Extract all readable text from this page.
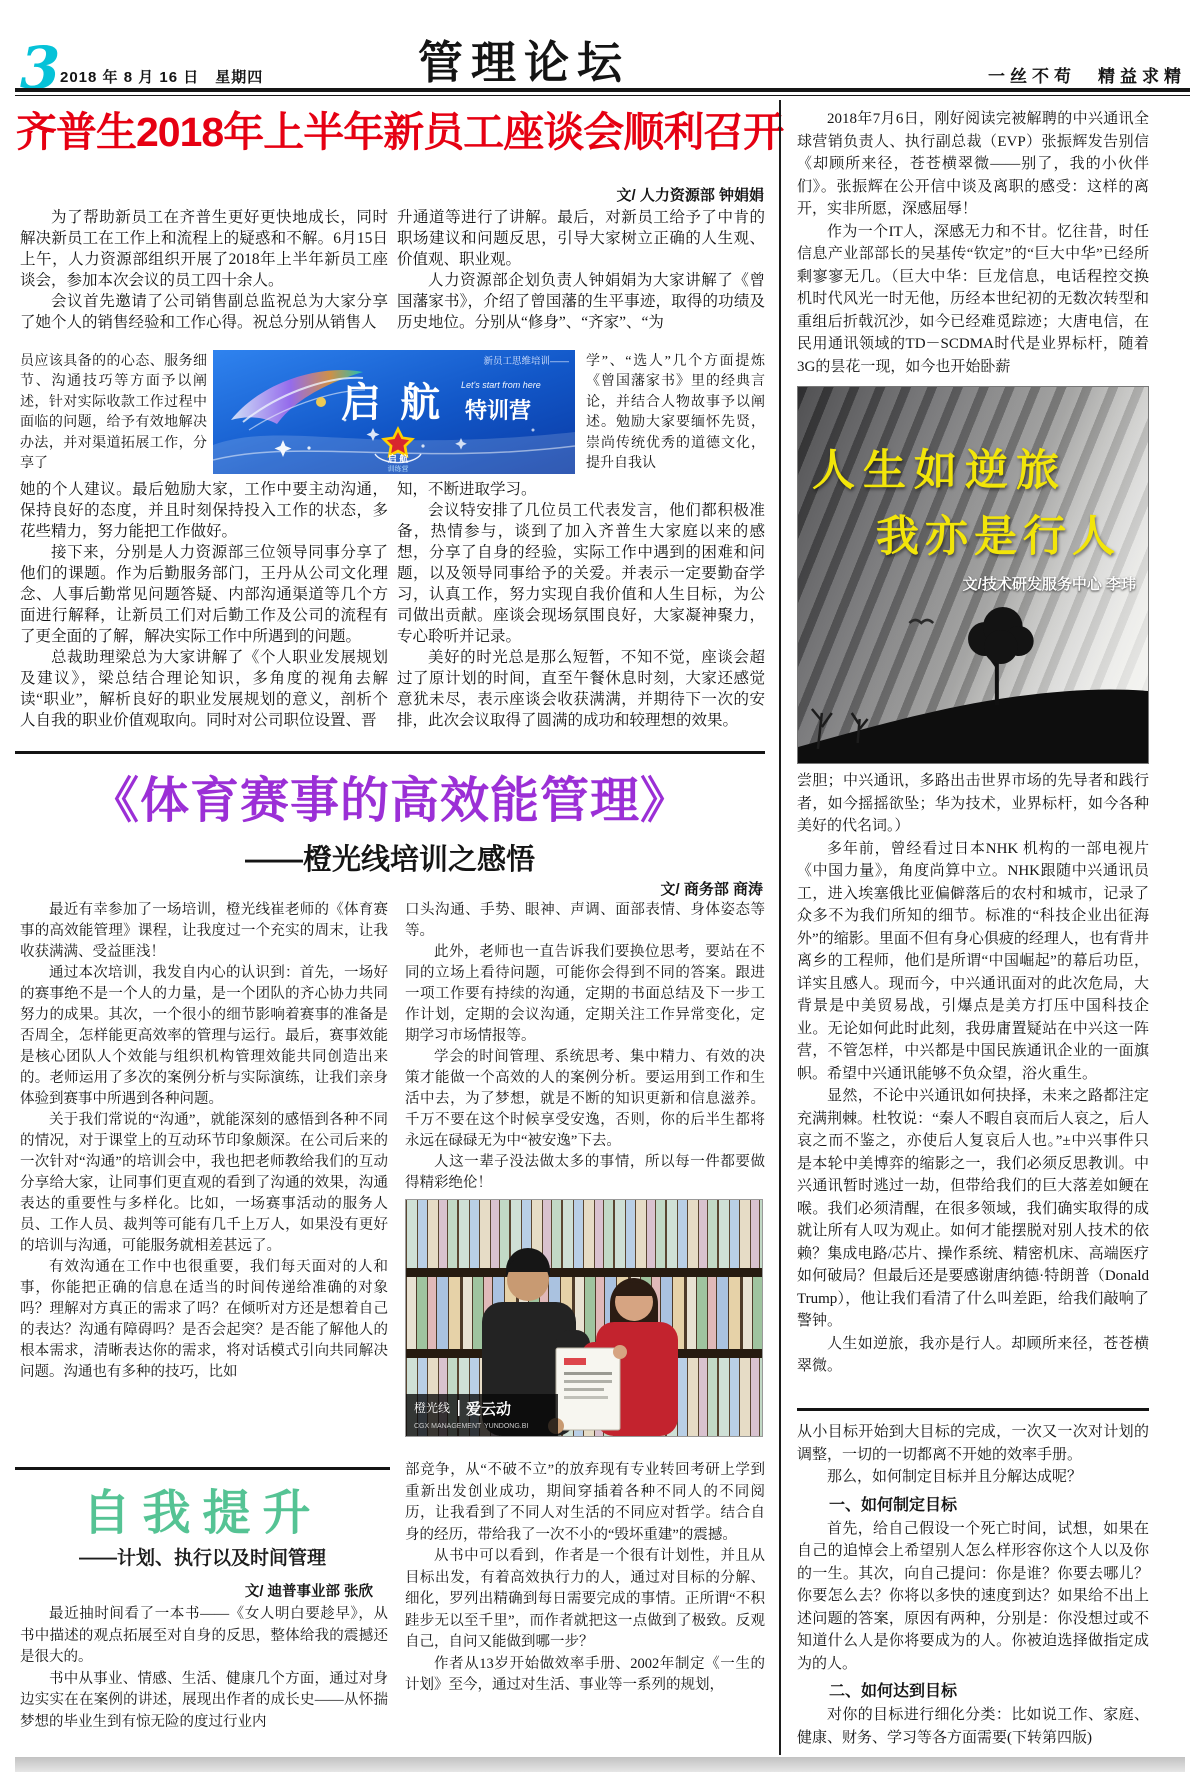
3 2018 年 8 月 16 日　星期四	管理论坛	一丝不苟　精益求精
齐普生2018年上半年新员工座谈会顺利召开
文/ 人力资源部 钟娟娟

为了帮助新员工在齐普生更好更快地成长，同时解决新员工在工作上和流程上的疑惑和不解。6月15日上午，人力资源部组织开展了2018年上半年新员工座谈会，参加本次会议的员工四十余人。

会议首先邀请了公司销售副总监祝总为大家分享了她个人的销售经验和工作心得。祝总分别从销售人

员应该具备的的心态、服务细节、沟通技巧等方面予以阐述，针对实际收款工作过程中面临的问题，给予有效地解决办法，并对渠道拓展工作，分享了

她的个人建议。最后勉励大家，工作中要主动沟通，保持良好的态度，并且时刻保持投入工作的状态，多花些精力，努力能把工作做好。

接下来，分别是人力资源部三位领导同事分享了他们的课题。作为后勤服务部门，王丹从公司文化理念、人事后勤常见问题答疑、内部沟通渠道等几个方面进行解释，让新员工们对后勤工作及公司的流程有了更全面的了解，解决实际工作中所遇到的问题。

总裁助理梁总为大家讲解了《个人职业发展规划及建议》，梁总结合理论知识，多角度的视角去解读“职业”，解析良好的职业发展规划的意义，剖析个人自我的职业价值观取向。同时对公司职位设置、晋

升通道等进行了讲解。最后，对新员工给予了中肯的职场建议和问题反思，引导大家树立正确的人生观、价值观、职业观。

人力资源部企划负责人钟娟娟为大家讲解了《曾国藩家书》，介绍了曾国藩的生平事迹，取得的功绩及历史地位。分别从“修身”、“齐家”、“为

学”、“选人”几个方面提炼《曾国藩家书》里的经典言论，并结合人物故事予以阐述。勉励大家要缅怀先贤，崇尚传统优秀的道德文化，提升自我认

知，不断进取学习。

会议特安排了几位员工代表发言，他们都积极准备，热情参与，谈到了加入齐普生大家庭以来的感想，分享了自身的经验，实际工作中遇到的困难和问题，以及领导同事给予的关爱。并表示一定要勤奋学习，认真工作，努力实现自我价值和人生目标，为公司做出贡献。座谈会现场氛围良好，大家凝神聚力，专心聆听并记录。

美好的时光总是那么短暂，不知不觉，座谈会超过了原计划的时间，直至午餐休息时刻，大家还感觉意犹未尽，表示座谈会收获满满，并期待下一次的安排，此次会议取得了圆满的成功和较理想的效果。

新员工思维培训——
Let's start from here
启 航 特训营
启 航
训练营
《体育赛事的高效能管理》
——橙光线培训之感悟
文/ 商务部 商涛

最近有幸参加了一场培训，橙光线崔老师的《体育赛事的高效能管理》课程，让我度过一个充实的周末，让我收获满满、受益匪浅！

通过本次培训，我发自内心的认识到：首先，一场好的赛事绝不是一个人的力量，是一个团队的齐心协力共同努力的成果。其次，一个很小的细节影响着赛事的准备是否周全，怎样能更高效率的管理与运行。最后，赛事效能是核心团队人个效能与组织机构管理效能共同创造出来的。老师运用了多次的案例分析与实际演练，让我们亲身体验到赛事中所遇到各种问题。

关于我们常说的“沟通”，就能深刻的感悟到各种不同的情况，对于课堂上的互动环节印象颇深。在公司后来的一次针对“沟通”的培训会中，我也把老师教给我们的互动分享给大家，让同事们更直观的看到了沟通的效果，沟通表达的重要性与多样化。比如，一场赛事活动的服务人员、工作人员、裁判等可能有几千上万人，如果没有更好的培训与沟通，可能服务就相差甚远了。

有效沟通在工作中也很重要，我们每天面对的人和事，你能把正确的信息在适当的时间传递给准确的对象吗？理解对方真正的需求了吗？在倾听对方还是想着自己的表达？沟通有障碍吗？是否会起突？是否能了解他人的根本需求，清晰表达你的需求，将对话模式引向共同解决问题。沟通也有多种的技巧，比如

口头沟通、手势、眼神、声调、面部表情、身体姿态等等。

此外，老师也一直告诉我们要换位思考，要站在不同的立场上看待问题，可能你会得到不同的答案。跟进一项工作要有持续的沟通，定期的书面总结及下一步工作计划，定期的会议沟通，定期关注工作异常变化，定期学习市场情报等。

学会的时间管理、系统思考、集中精力、有效的决策才能做一个高效的人的案例分析。要运用到工作和生活中去，为了梦想，就是不断的知识更新和信息滋养。千万不要在这个时候享受安逸，否则，你的后半生都将永远在碌碌无为中“被安逸”下去。

人这一辈子没法做太多的事情，所以每一件都要做得精彩绝伦！

橙光线 爱云动
CGX MANAGEMENT YUNDONG.BI
自我提升
——计划、执行以及时间管理
文/ 迪普事业部 张欣

最近抽时间看了一本书——《女人明白要趁早》，从书中描述的观点拓展至对自身的反思，整体给我的震撼还是很大的。

书中从事业、情感、生活、健康几个方面，通过对身边实实在在案例的讲述，展现出作者的成长史——从怀揣梦想的毕业生到有惊无险的度过行业内

部竞争，从“不破不立”的放弃现有专业转回考研上学到重新出发创业成功，期间穿插着各种不同人的不同阅历，让我看到了不同人对生活的不同应对哲学。结合自身的经历，带给我了一次不小的“毁坏重建”的震撼。

从书中可以看到，作者是一个很有计划性，并且从目标出发，有着高效执行力的人，通过对目标的分解、细化，罗列出精确到每日需要完成的事情。正所谓“不积跬步无以至千里”，而作者就把这一点做到了极致。反观自己，自问又能做到哪一步？

作者从13岁开始做效率手册、2002年制定《一生的计划》至今，通过对生活、事业等一系列的规划，

2018年7月6日，刚好阅读完被解聘的中兴通讯全球营销负责人、执行副总裁（EVP）张振辉发告别信 《却顾所来径，苍苍横翠微——别了，我的小伙伴们》。张振辉在公开信中谈及离职的感受：这样的离开，实非所愿，深感屈辱！

作为一个IT人，深感无力和不甘。忆往昔，时任信息产业部部长的吴基传“钦定”的“巨大中华”已经所剩寥寥无几。（巨大中华：巨龙信息，电话程控交换机时代风光一时无他，历经本世纪初的无数次转型和重组后折戟沉沙，如今已经难觅踪迹；大唐电信，在民用通讯领域的TD－SCDMA时代是业界标杆，随着3G的昙花一现，如今也开始卧薪

人生如逆旅
我亦是行人
文/技术研发服务中心 李玮

尝胆；中兴通讯，多路出击世界市场的先导者和践行者，如今摇摇欲坠；华为技术，业界标杆，如今各种美好的代名词。）

多年前，曾经看过日本NHK 机构的一部电视片《中国力量》，角度尚算中立。NHK跟随中兴通讯员工，进入埃塞俄比亚偏僻落后的农村和城市，记录了众多不为我们所知的细节。标准的“科技企业出征海外”的缩影。里面不但有身心俱疲的经理人，也有背井离乡的工程师，他们是所谓“中国崛起”的幕后功臣，详实且感人。现而今，中兴通讯面对的此次危局，大背景是中美贸易战，引爆点是美方打压中国科技企业。无论如何此时此刻，我毋庸置疑站在中兴这一阵营，不管怎样，中兴都是中国民族通讯企业的一面旗帜。希望中兴通讯能够不负众望，浴火重生。

显然，不论中兴通讯如何抉择，未来之路都注定充满荆棘。杜牧说：“秦人不暇自哀而后人哀之，后人哀之而不鉴之，亦使后人复哀后人也。”±中兴事件只是本轮中美博弈的缩影之一，我们必须反思教训。中兴通讯暂时逃过一劫，但带给我们的巨大落差如鲠在喉。我们必须清醒，在很多领域，我们确实取得的成就让所有人叹为观止。如何才能摆脱对别人技术的依赖？集成电路/芯片、操作系统、精密机床、高端医疗如何破局？但最后还是要感谢唐纳德·特朗普（Donald Trump），他让我们看清了什么叫差距，给我们敲响了警钟。

人生如逆旅，我亦是行人。却顾所来径，苍苍横翠微。

从小目标开始到大目标的完成，一次又一次对计划的调整，一切的一切都离不开她的效率手册。

那么，如何制定目标并且分解达成呢？

一、如何制定目标

首先，给自己假设一个死亡时间，试想，如果在自己的追悼会上希望别人怎么样形容你这个人以及你的一生。其次，向自己提问：你是谁？你要去哪儿？你要怎么去？你将以多快的速度到达？如果给不出上述问题的答案，原因有两种，分别是：你没想过或不知道什么人是你将要成为的人。你被迫选择做指定成为的人。

二、如何达到目标

对你的目标进行细化分类：比如说工作、家庭、健康、财务、学习等各方面需要(下转第四版)
